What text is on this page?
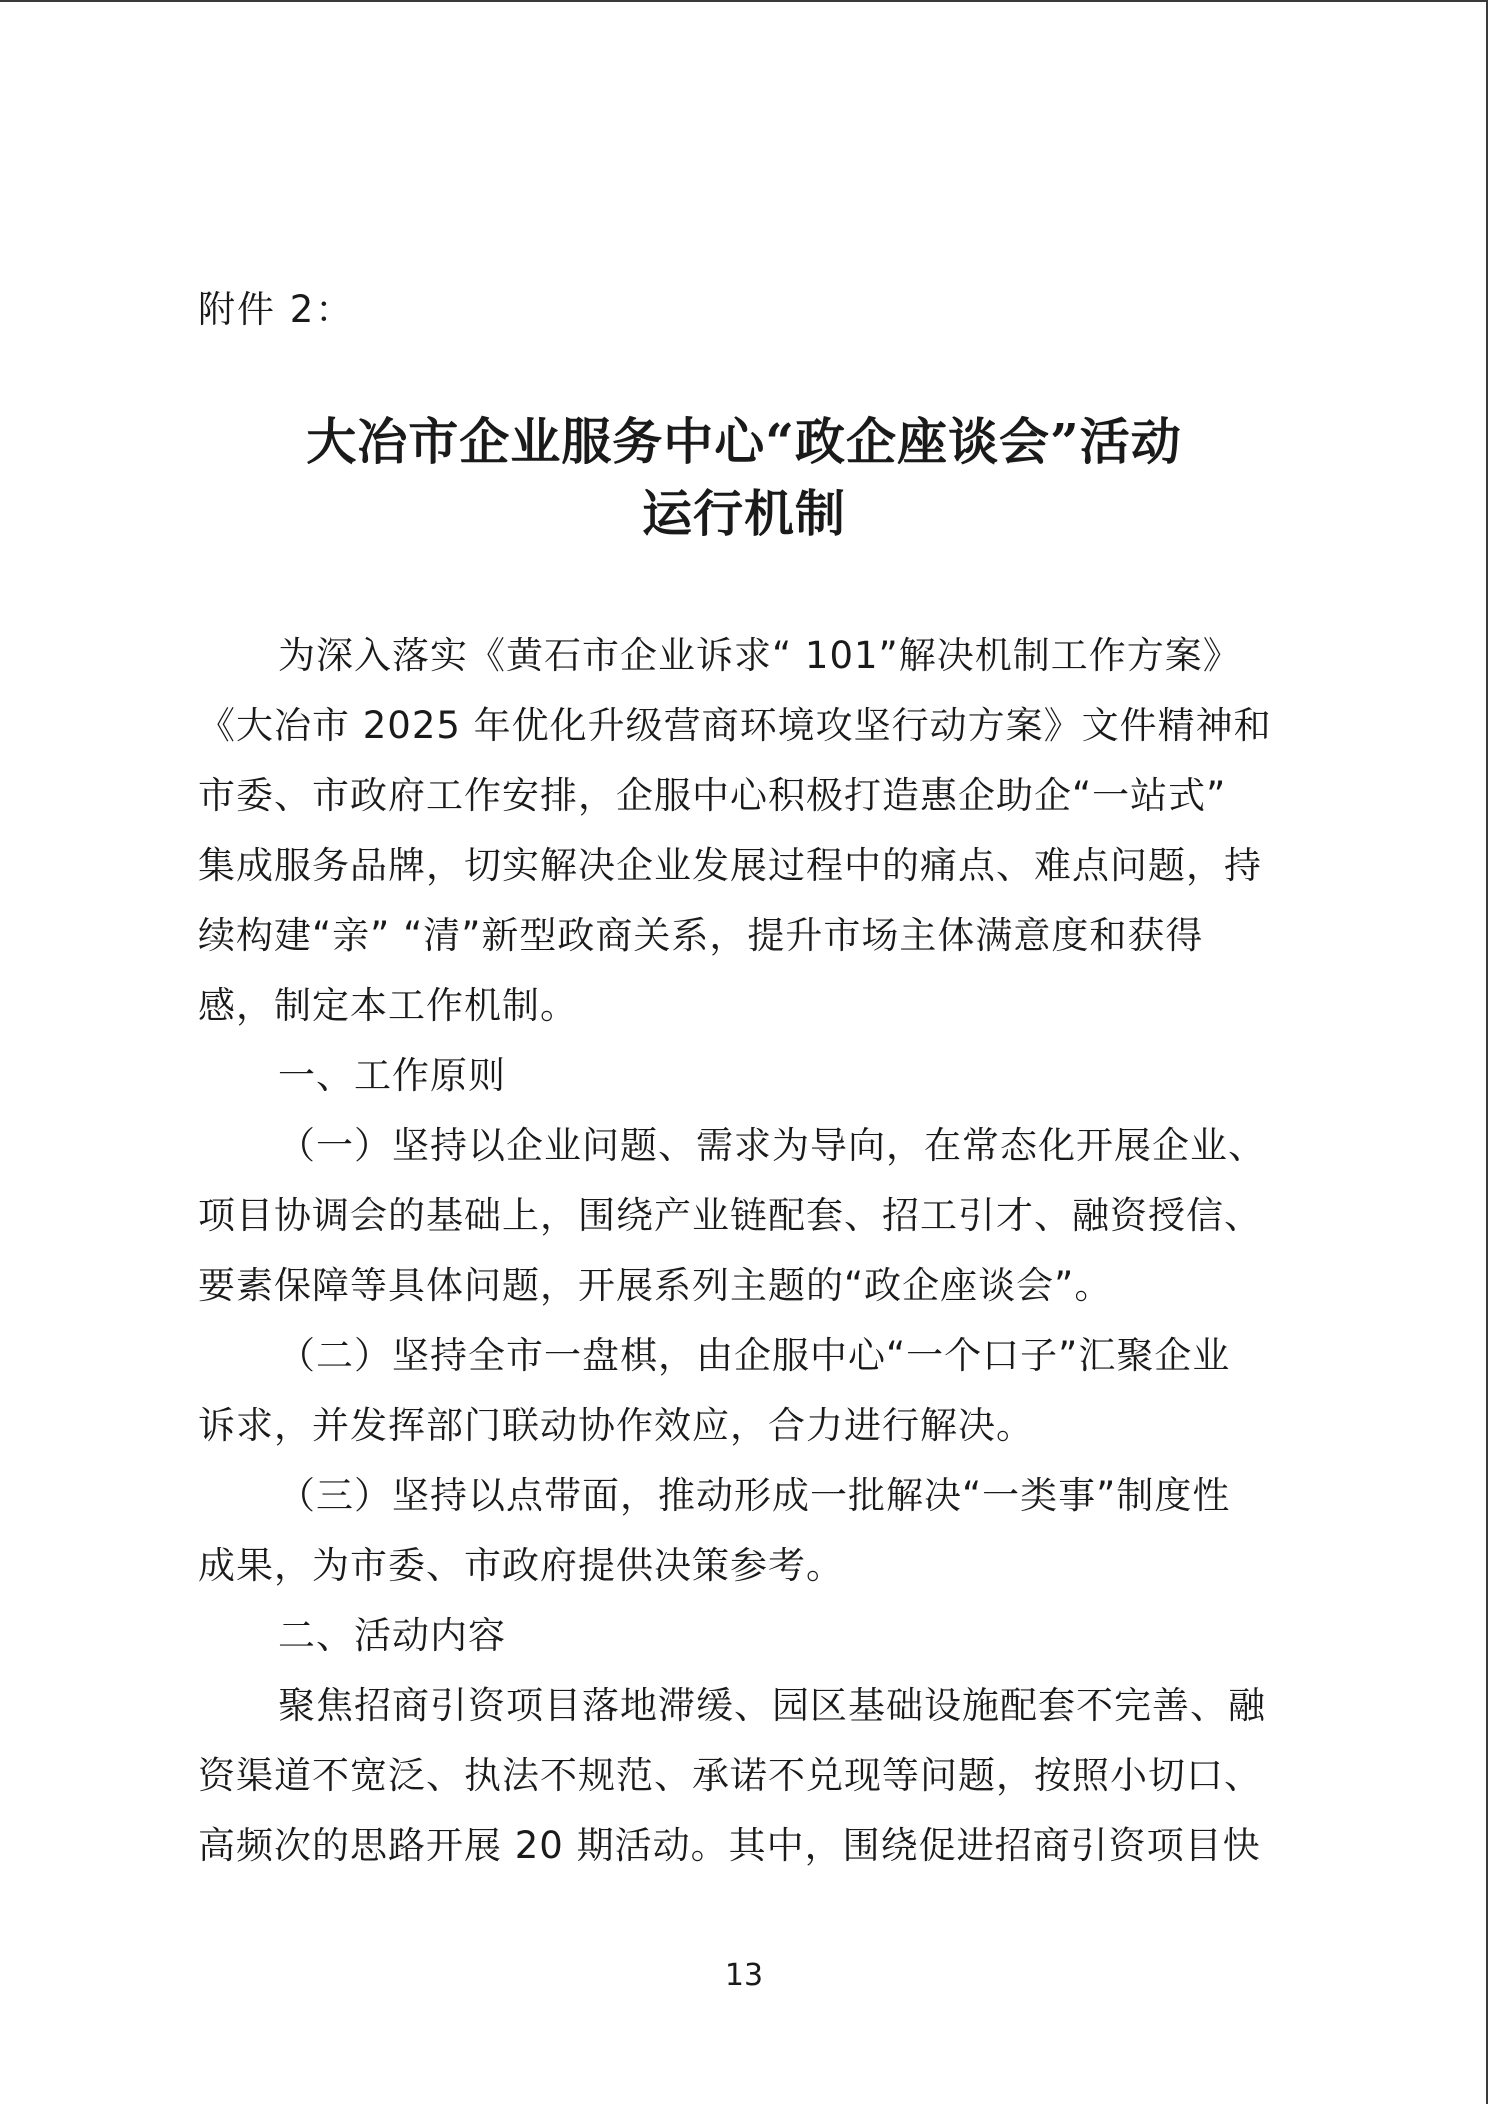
附件 2：
大冶市企业服务中心“政企座谈会”活动
运行机制
为深入落实《黄石市企业诉求“ 101”解决机制工作方案》
《大冶市 2025 年优化升级营商环境攻坚行动方案》文件精神和
市委、市政府工作安排，企服中心积极打造惠企助企“一站式”
集成服务品牌，切实解决企业发展过程中的痛点、难点问题，持
续构建“亲” “清”新型政商关系，提升市场主体满意度和获得
感，制定本工作机制。
一、工作原则
（一）坚持以企业问题、需求为导向，在常态化开展企业、
项目协调会的基础上，围绕产业链配套、招工引才、融资授信、
要素保障等具体问题，开展系列主题的“政企座谈会”。
（二）坚持全市一盘棋，由企服中心“一个口子”汇聚企业
诉求，并发挥部门联动协作效应，合力进行解决。
（三）坚持以点带面，推动形成一批解决“一类事”制度性
成果，为市委、市政府提供决策参考。
二、活动内容
聚焦招商引资项目落地滞缓、园区基础设施配套不完善、融
资渠道不宽泛、执法不规范、承诺不兑现等问题，按照小切口、
高频次的思路开展 20 期活动。其中，围绕促进招商引资项目快
13
